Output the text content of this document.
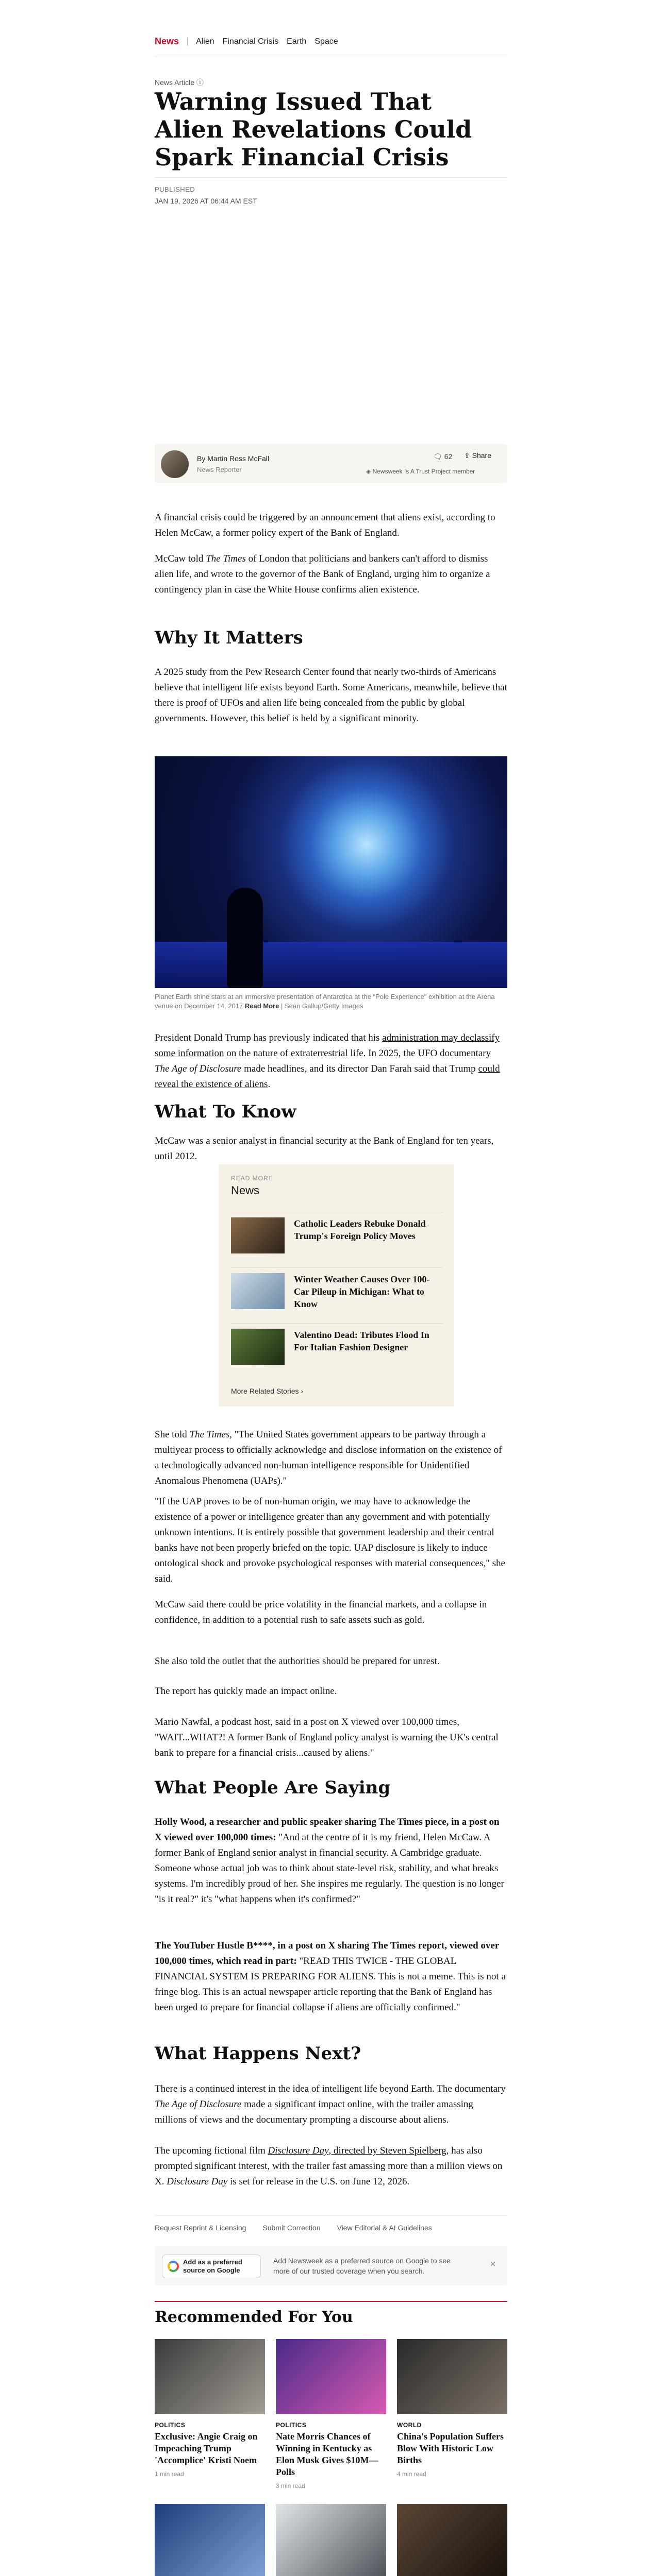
News Alien Financial Crisis Earth Space
News Article ⓘ
Warning Issued That Alien Revelations Could Spark Financial Crisis
PUBLISHED
JAN 19, 2026 AT 06:44 AM EST
By Martin Ross McFall
News Reporter
🗨 62 ⇪ Share
◈ Newsweek Is A Trust Project member

A financial crisis could be triggered by an announcement that aliens exist, according to Helen McCaw, a former policy expert of the Bank of England.

McCaw told The Times of London that politicians and bankers can't afford to dismiss alien life, and wrote to the governor of the Bank of England, urging him to organize a contingency plan in case the White House confirms alien existence.

Why It Matters

A 2025 study from the Pew Research Center found that nearly two-thirds of Americans believe that intelligent life exists beyond Earth. Some Americans, meanwhile, believe that there is proof of UFOs and alien life being concealed from the public by global governments. However, this belief is held by a significant minority.

Planet Earth shine stars at an immersive presentation of Antarctica at the "Pole Experience" exhibition at the Arena venue on December 14, 2017 Read More | Sean Gallup/Getty Images

President Donald Trump has previously indicated that his administration may declassify some information on the nature of extraterrestrial life. In 2025, the UFO documentary The Age of Disclosure made headlines, and its director Dan Farah said that Trump could reveal the existence of aliens.

What To Know

McCaw was a senior analyst in financial security at the Bank of England for ten years, until 2012.

READ MORE
News
Catholic Leaders Rebuke Donald Trump's Foreign Policy Moves
Winter Weather Causes Over 100-Car Pileup in Michigan: What to Know
Valentino Dead: Tributes Flood In For Italian Fashion Designer
More Related Stories ›

She told The Times, "The United States government appears to be partway through a multiyear process to officially acknowledge and disclose information on the existence of a technologically advanced non-human intelligence responsible for Unidentified Anomalous Phenomena (UAPs)."

"If the UAP proves to be of non-human origin, we may have to acknowledge the existence of a power or intelligence greater than any government and with potentially unknown intentions. It is entirely possible that government leadership and their central banks have not been properly briefed on the topic. UAP disclosure is likely to induce ontological shock and provoke psychological responses with material consequences," she said.

McCaw said there could be price volatility in the financial markets, and a collapse in confidence, in addition to a potential rush to safe assets such as gold.

She also told the outlet that the authorities should be prepared for unrest.

The report has quickly made an impact online.

Mario Nawfal, a podcast host, said in a post on X viewed over 100,000 times, "WAIT...WHAT?! A former Bank of England policy analyst is warning the UK's central bank to prepare for a financial crisis...caused by aliens."

What People Are Saying

Holly Wood, a researcher and public speaker sharing The Times piece, in a post on X viewed over 100,000 times: "And at the centre of it is my friend, Helen McCaw. A former Bank of England senior analyst in financial security. A Cambridge graduate. Someone whose actual job was to think about state-level risk, stability, and what breaks systems. I'm incredibly proud of her. She inspires me regularly. The question is no longer "is it real?" it's "what happens when it's confirmed?"

The YouTuber Hustle B****, in a post on X sharing The Times report, viewed over 100,000 times, which read in part: "READ THIS TWICE - THE GLOBAL FINANCIAL SYSTEM IS PREPARING FOR ALIENS. This is not a meme. This is not a fringe blog. This is an actual newspaper article reporting that the Bank of England has been urged to prepare for financial collapse if aliens are officially confirmed."

What Happens Next?

There is a continued interest in the idea of intelligent life beyond Earth. The documentary The Age of Disclosure made a significant impact online, with the trailer amassing millions of views and the documentary prompting a discourse about aliens.

The upcoming fictional film Disclosure Day, directed by Steven Spielberg, has also prompted significant interest, with the trailer fast amassing more than a million views on X. Disclosure Day is set for release in the U.S. on June 12, 2026.

Request Reprint & Licensing Submit Correction View Editorial & AI Guidelines
Add as a preferred source on Google
Add Newsweek as a preferred source on Google to see more of our trusted coverage when you search.
×
Recommended For You
POLITICS
Exclusive: Angie Craig on Impeaching Trump 'Accomplice' Kristi Noem
1 min read
POLITICS
Nate Morris Chances of Winning in Kentucky as Elon Musk Gives $10M—Polls
3 min read
WORLD
China's Population Suffers Blow With Historic Low Births
4 min read
